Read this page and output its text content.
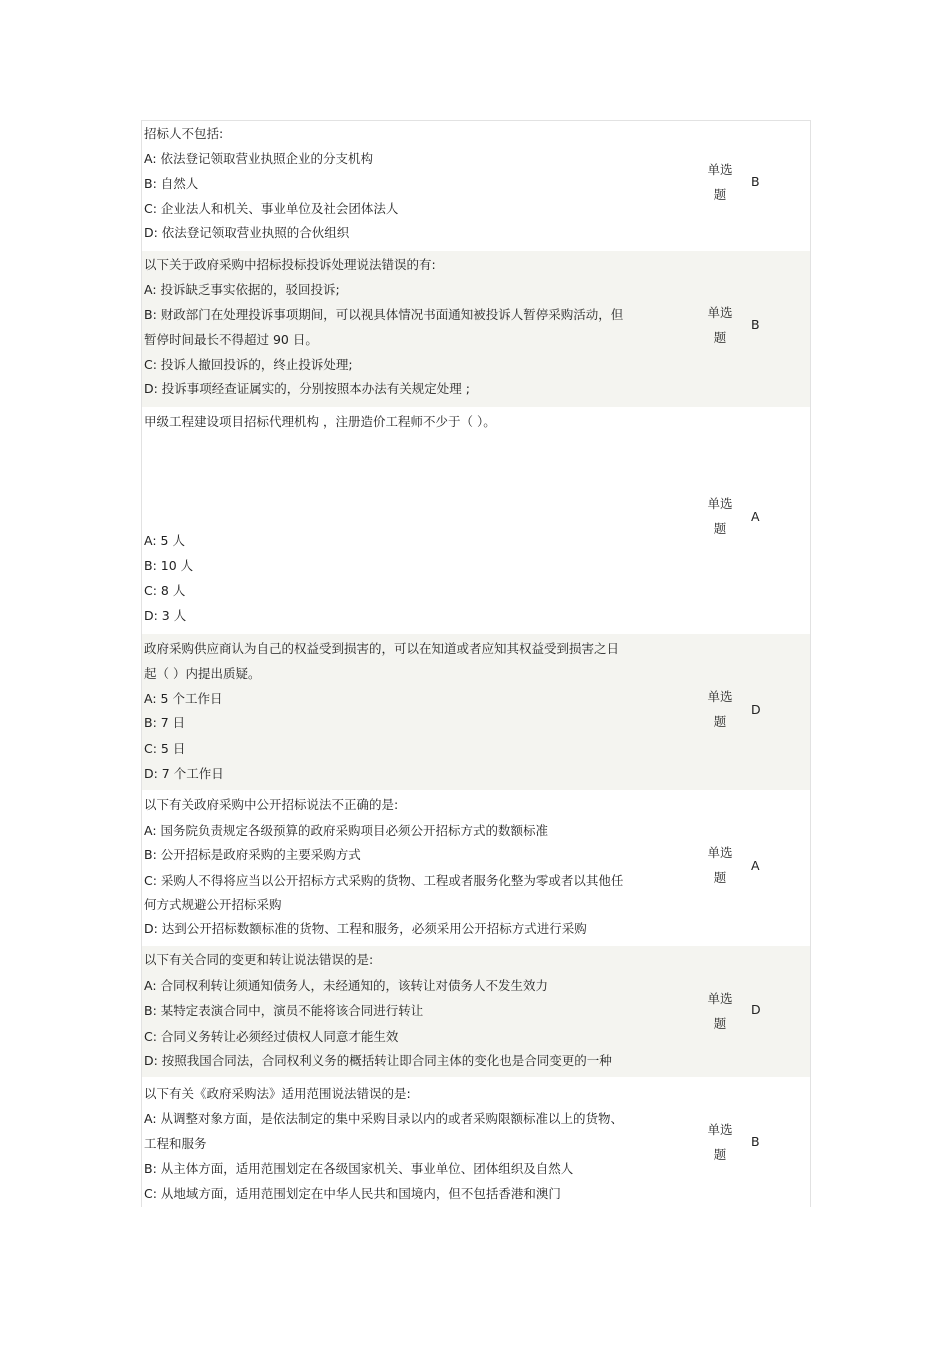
招标人不包括:
A: 依法登记领取营业执照企业的分支机构
B: 自然人
C: 企业法人和机关、事业单位及社会团体法人
D: 依法登记领取营业执照的合伙组织
单选
题
B
以下关于政府采购中招标投标投诉处理说法错误的有:
A: 投诉缺乏事实依据的，驳回投诉;
B: 财政部门在处理投诉事项期间，可以视具体情况书面通知被投诉人暂停采购活动，但
暂停时间最长不得超过 90 日。
C: 投诉人撤回投诉的，终止投诉处理;
D: 投诉事项经查证属实的，分别按照本办法有关规定处理 ;
单选
题
B
甲级工程建设项目招标代理机构 ，注册造价工程师不少于（ ）。
A: 5 人
B: 10 人
C: 8 人
D: 3 人
单选
题
A
政府采购供应商认为自己的权益受到损害的，可以在知道或者应知其权益受到损害之日
起（ ）内提出质疑。
A: 5 个工作日
B: 7 日
C: 5 日
D: 7 个工作日
单选
题
D
以下有关政府采购中公开招标说法不正确的是:
A: 国务院负责规定各级预算的政府采购项目必须公开招标方式的数额标准
B: 公开招标是政府采购的主要采购方式
C: 采购人不得将应当以公开招标方式采购的货物、工程或者服务化整为零或者以其他任
何方式规避公开招标采购
D: 达到公开招标数额标准的货物、工程和服务，必须采用公开招标方式进行采购
单选
题
A
以下有关合同的变更和转让说法错误的是:
A: 合同权利转让须通知债务人，未经通知的，该转让对债务人不发生效力
B: 某特定表演合同中，演员不能将该合同进行转让
C: 合同义务转让必须经过债权人同意才能生效
D: 按照我国合同法，合同权利义务的概括转让即合同主体的变化也是合同变更的一种
单选
题
D
以下有关《政府采购法》适用范围说法错误的是:
A: 从调整对象方面，是依法制定的集中采购目录以内的或者采购限额标准以上的货物、
工程和服务
B: 从主体方面，适用范围划定在各级国家机关、事业单位、团体组织及自然人
C: 从地域方面，适用范围划定在中华人民共和国境内，但不包括香港和澳门
单选
题
B
